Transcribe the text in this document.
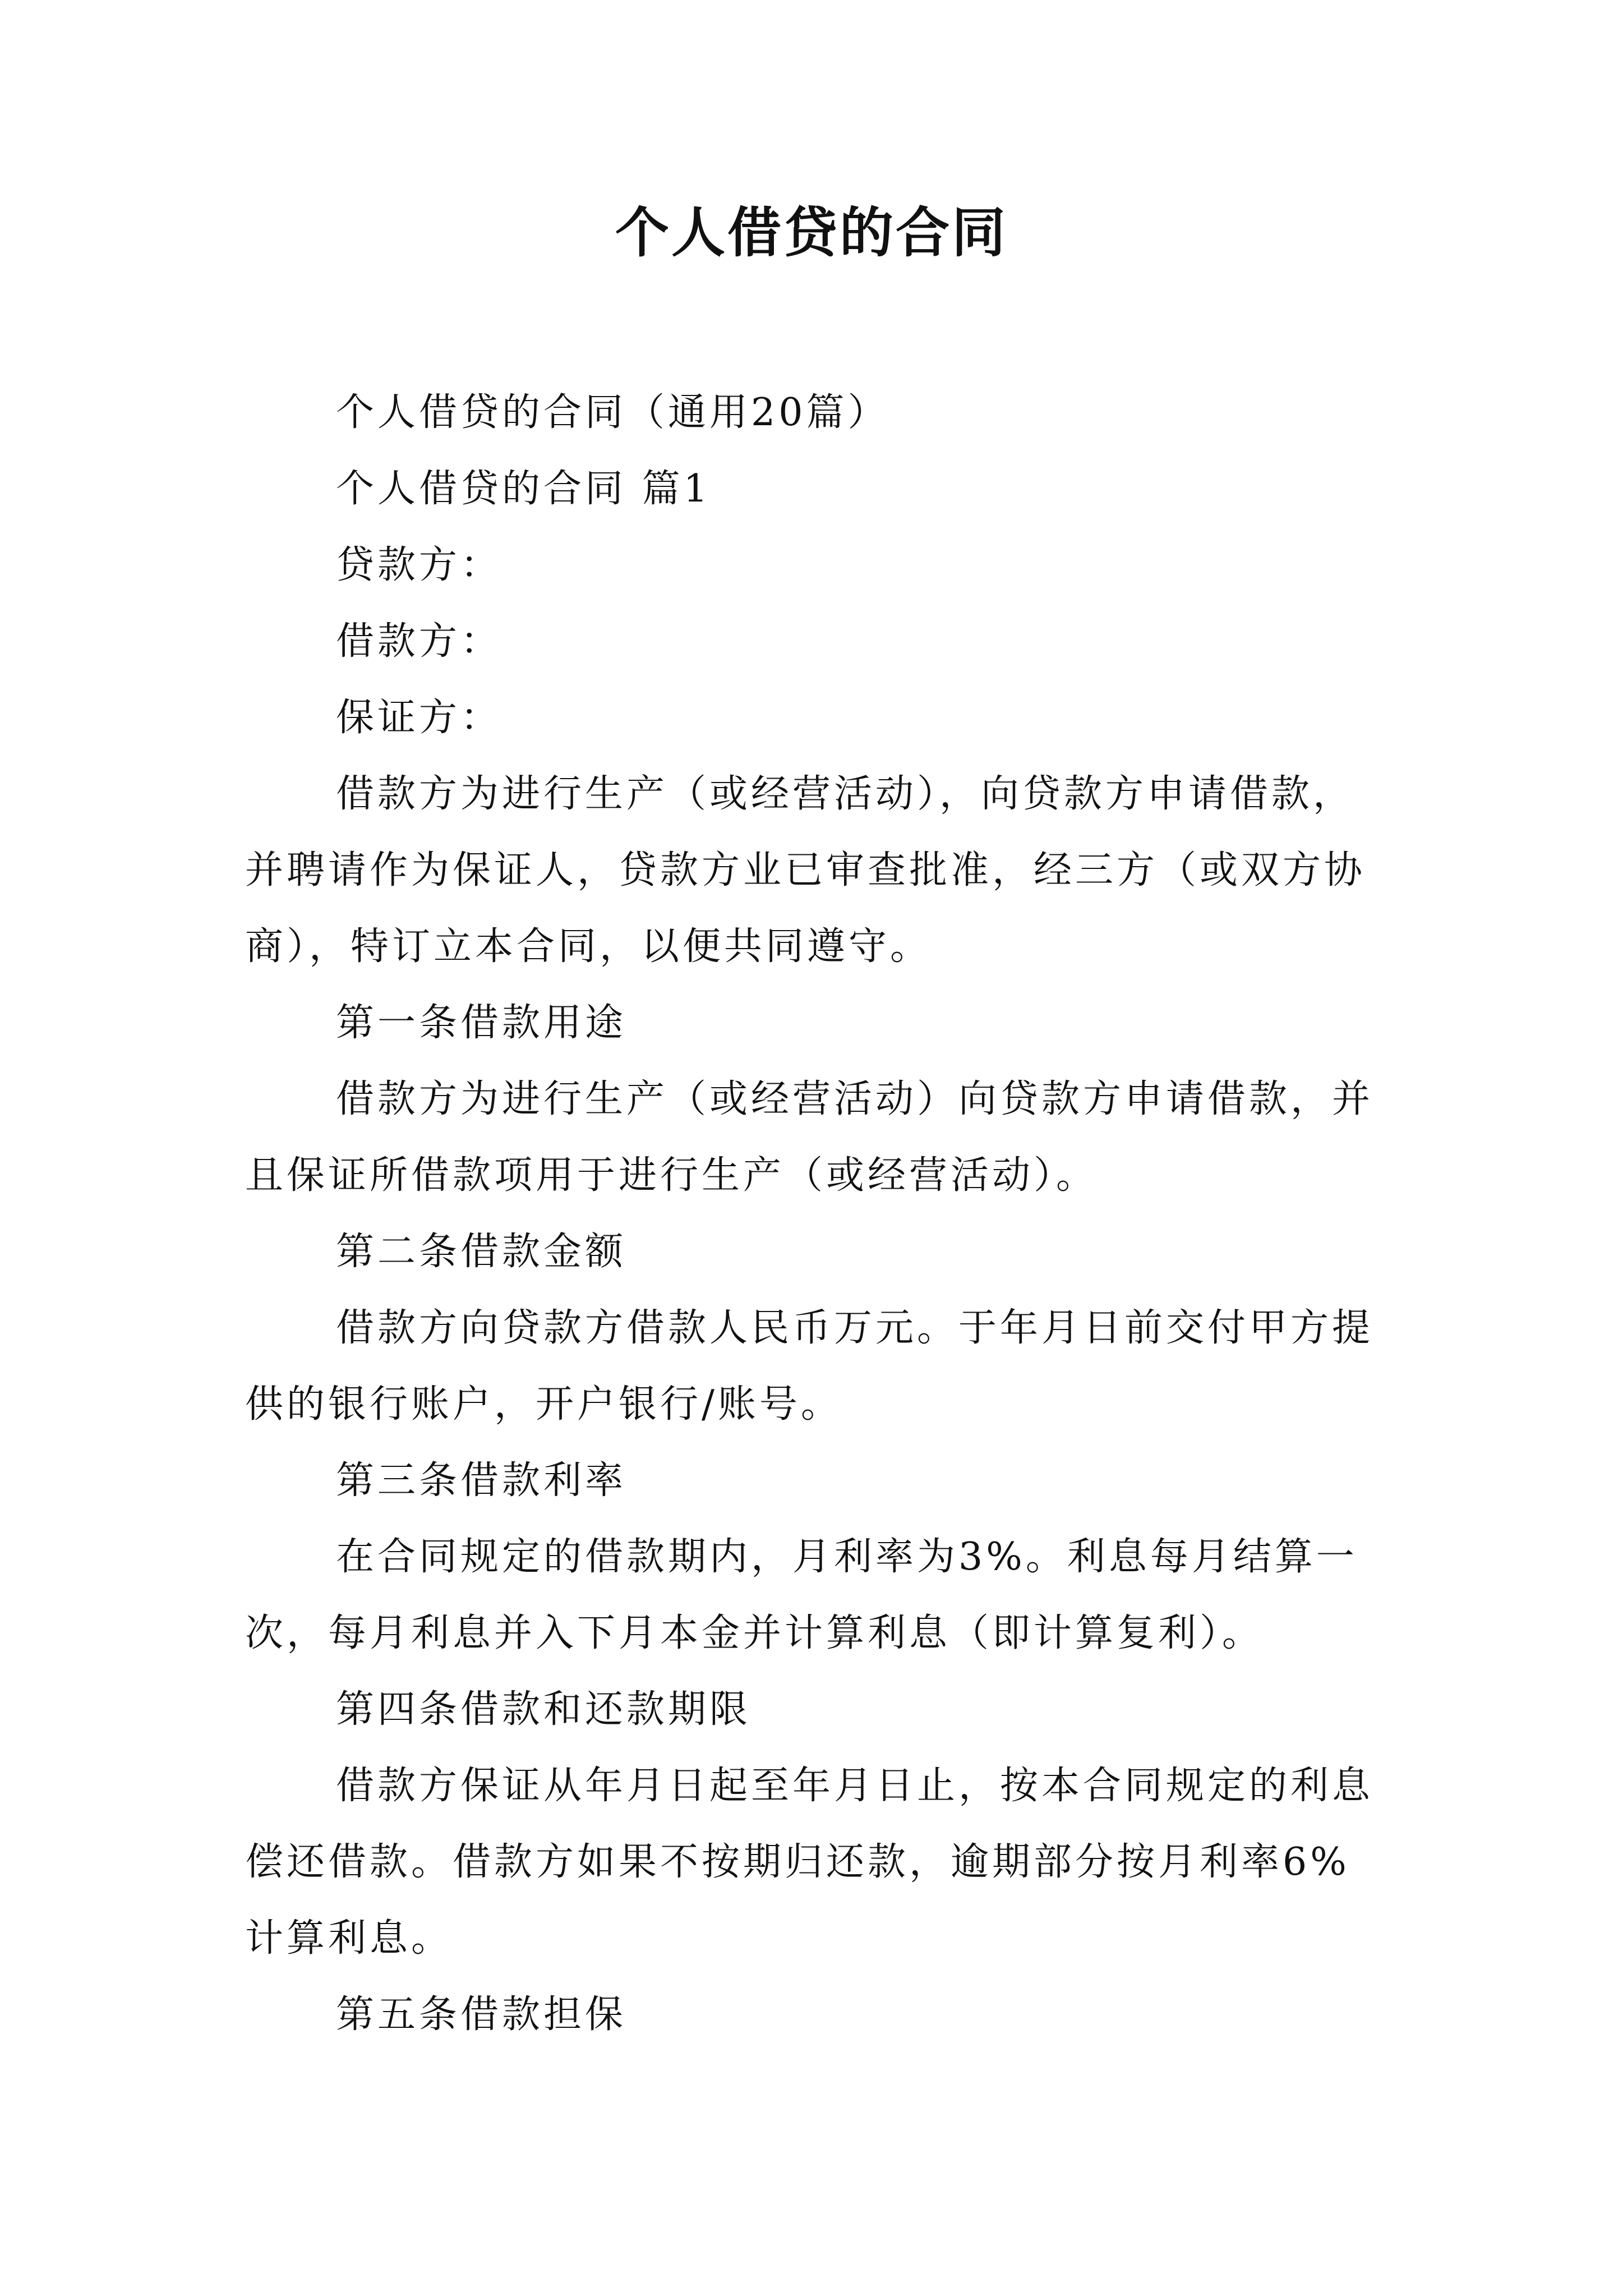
个人借贷的合同

个人借贷的合同（通用20篇）

个人借贷的合同 篇1

贷款方：

借款方：

保证方：

借款方为进行生产（或经营活动），向贷款方申请借款，并聘请作为保证人，贷款方业已审查批准，经三方（或双方协商），特订立本合同，以便共同遵守。

第一条借款用途

借款方为进行生产（或经营活动）向贷款方申请借款，并且保证所借款项用于进行生产（或经营活动）。

第二条借款金额

借款方向贷款方借款人民币万元。于年月日前交付甲方提供的银行账户，开户银行/账号。

第三条借款利率

在合同规定的借款期内，月利率为3%。利息每月结算一次，每月利息并入下月本金并计算利息（即计算复利）。

第四条借款和还款期限

借款方保证从年月日起至年月日止，按本合同规定的利息偿还借款。借款方如果不按期归还款，逾期部分按月利率6%计算利息。

第五条借款担保
